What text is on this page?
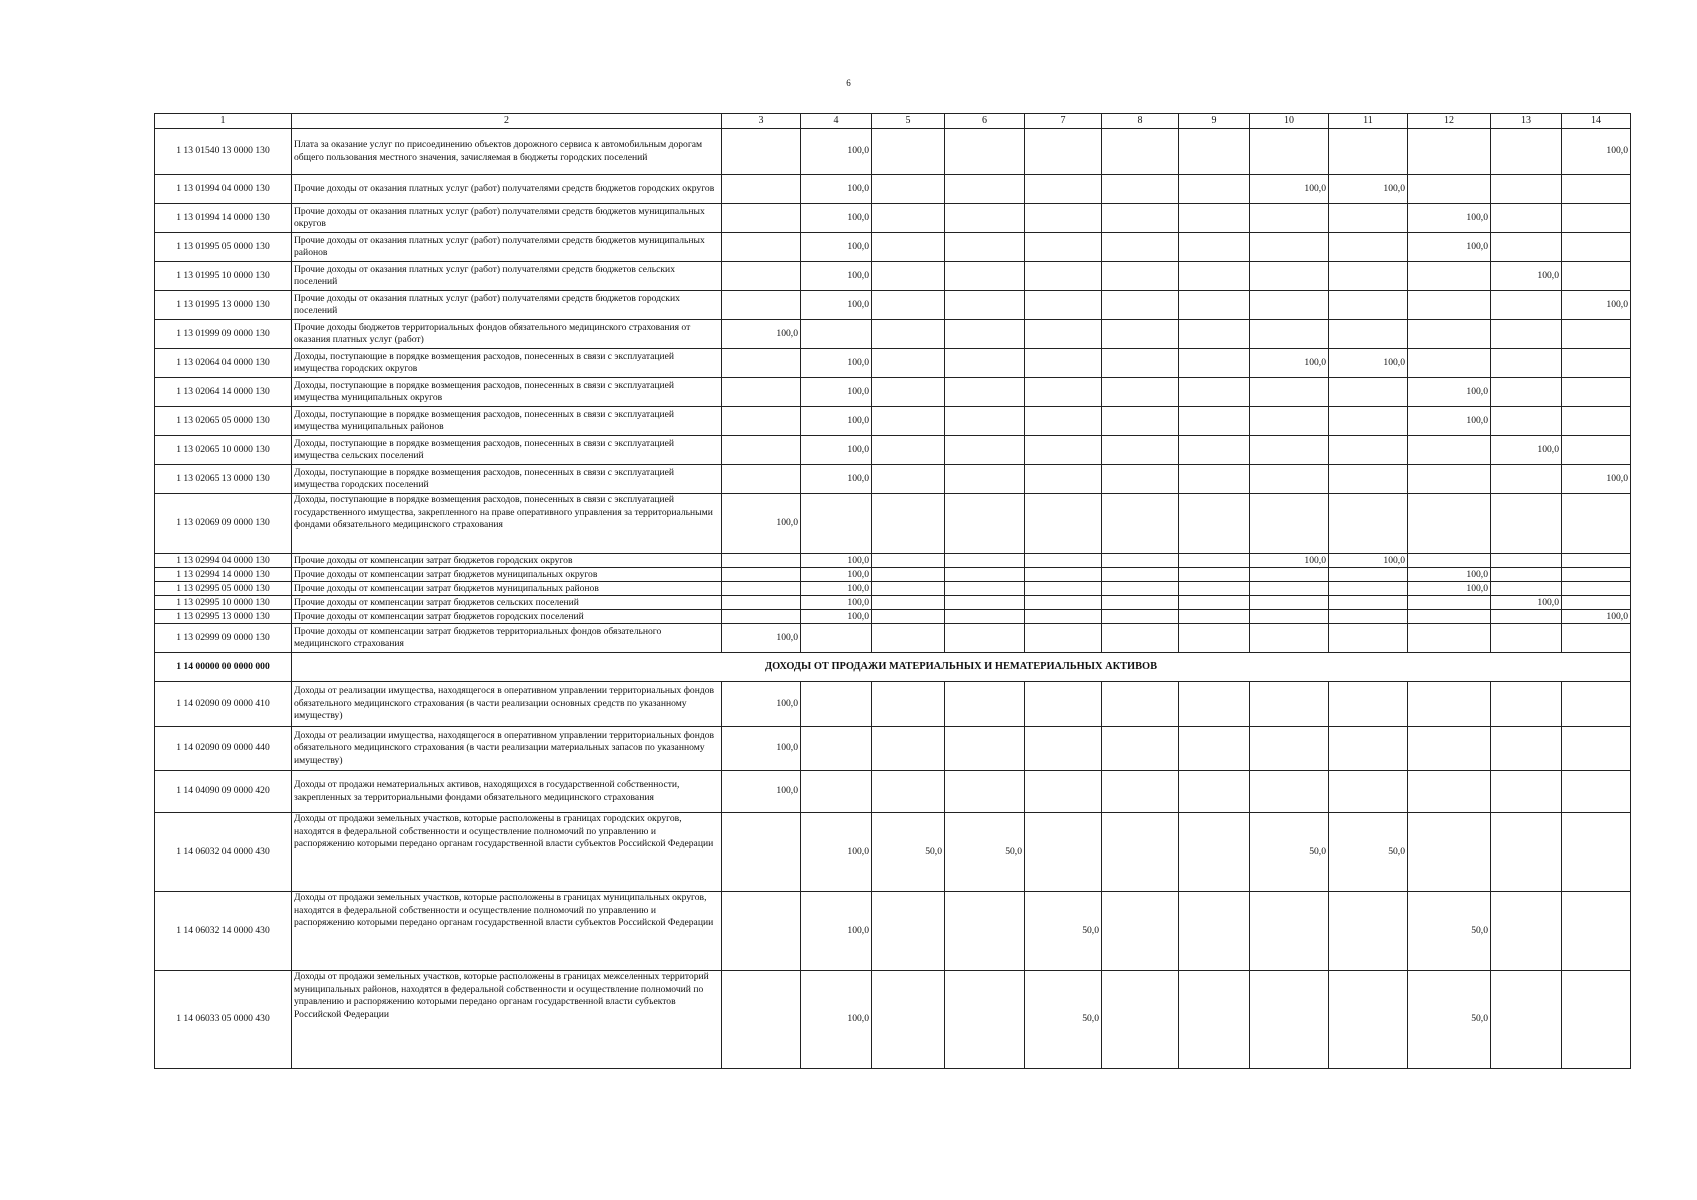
6
1	2	3	4	5	6	7	8	9	10	11	12	13	14
1 13 01540 13 0000 130	Плата за оказание услуг по присоединению объектов дорожного сервиса к автомобильным дорогам общего пользования местного значения, зачисляемая в бюджеты городских поселений		100,0										100,0
1 13 01994 04 0000 130	Прочие доходы от оказания платных услуг (работ) получателями средств бюджетов городских округов		100,0						100,0	100,0			
1 13 01994 14 0000 130	Прочие доходы от оказания платных услуг (работ) получателями средств бюджетов муниципальных округов		100,0								100,0		
1 13 01995 05 0000 130	Прочие доходы от оказания платных услуг (работ) получателями средств бюджетов муниципальных районов		100,0								100,0		
1 13 01995 10 0000 130	Прочие доходы от оказания платных услуг (работ) получателями средств бюджетов сельских поселений		100,0									100,0	
1 13 01995 13 0000 130	Прочие доходы от оказания платных услуг (работ) получателями средств бюджетов городских поселений		100,0										100,0
1 13 01999 09 0000 130	Прочие доходы бюджетов территориальных фондов обязательного медицинского страхования от оказания платных услуг (работ)	100,0											
1 13 02064 04 0000 130	Доходы, поступающие в порядке возмещения расходов, понесенных в связи с эксплуатацией имущества городских округов		100,0						100,0	100,0			
1 13 02064 14 0000 130	Доходы, поступающие в порядке возмещения расходов, понесенных в связи с эксплуатацией имущества муниципальных округов		100,0								100,0		
1 13 02065 05 0000 130	Доходы, поступающие в порядке возмещения расходов, понесенных в связи с эксплуатацией имущества муниципальных районов		100,0								100,0		
1 13 02065 10 0000 130	Доходы, поступающие в порядке возмещения расходов, понесенных в связи с эксплуатацией имущества сельских поселений		100,0									100,0	
1 13 02065 13 0000 130	Доходы, поступающие в порядке возмещения расходов, понесенных в связи с эксплуатацией имущества городских поселений		100,0										100,0
1 13 02069 09 0000 130	Доходы, поступающие в порядке возмещения расходов, понесенных в связи с эксплуатацией государственного имущества, закрепленного на праве оперативного управления за территориальными фондами обязательного медицинского страхования	100,0											
1 13 02994 04 0000 130	Прочие доходы от компенсации затрат бюджетов городских округов		100,0						100,0	100,0			
1 13 02994 14 0000 130	Прочие доходы от компенсации затрат бюджетов муниципальных округов		100,0								100,0		
1 13 02995 05 0000 130	Прочие доходы от компенсации затрат бюджетов муниципальных районов		100,0								100,0		
1 13 02995 10 0000 130	Прочие доходы от компенсации затрат бюджетов сельских поселений		100,0									100,0	
1 13 02995 13 0000 130	Прочие доходы от компенсации затрат бюджетов городских поселений		100,0										100,0
1 13 02999 09 0000 130	Прочие доходы от компенсации затрат бюджетов территориальных фондов обязательного медицинского страхования	100,0											
1 14 00000 00 0000 000	ДОХОДЫ ОТ ПРОДАЖИ МАТЕРИАЛЬНЫХ И НЕМАТЕРИАЛЬНЫХ АКТИВОВ												
1 14 02090 09 0000 410	Доходы от реализации имущества, находящегося в оперативном управлении территориальных фондов обязательного медицинского страхования (в части реализации основных средств по указанному имуществу)	100,0											
1 14 02090 09 0000 440	Доходы от реализации имущества, находящегося в оперативном управлении территориальных фондов обязательного медицинского страхования (в части реализации материальных запасов по указанному имуществу)	100,0											
1 14 04090 09 0000 420	Доходы от продажи нематериальных активов, находящихся в государственной собственности, закрепленных за территориальными фондами обязательного медицинского страхования	100,0											
1 14 06032 04 0000 430	Доходы от продажи земельных участков, которые расположены в границах городских округов, находятся в федеральной собственности и осуществление полномочий по управлению и распоряжению которыми передано органам государственной власти субъектов Российской Федерации		100,0	50,0	50,0				50,0	50,0			
1 14 06032 14 0000 430	Доходы от продажи земельных участков, которые расположены в границах муниципальных округов, находятся в федеральной собственности и осуществление полномочий по управлению и распоряжению которыми передано органам государственной власти субъектов Российской Федерации		100,0			50,0					50,0		
1 14 06033 05 0000 430	Доходы от продажи земельных участков, которые расположены в границах межселенных территорий муниципальных районов, находятся в федеральной собственности и осуществление полномочий по управлению и распоряжению которыми передано органам государственной власти субъектов Российской Федерации		100,0			50,0					50,0		
